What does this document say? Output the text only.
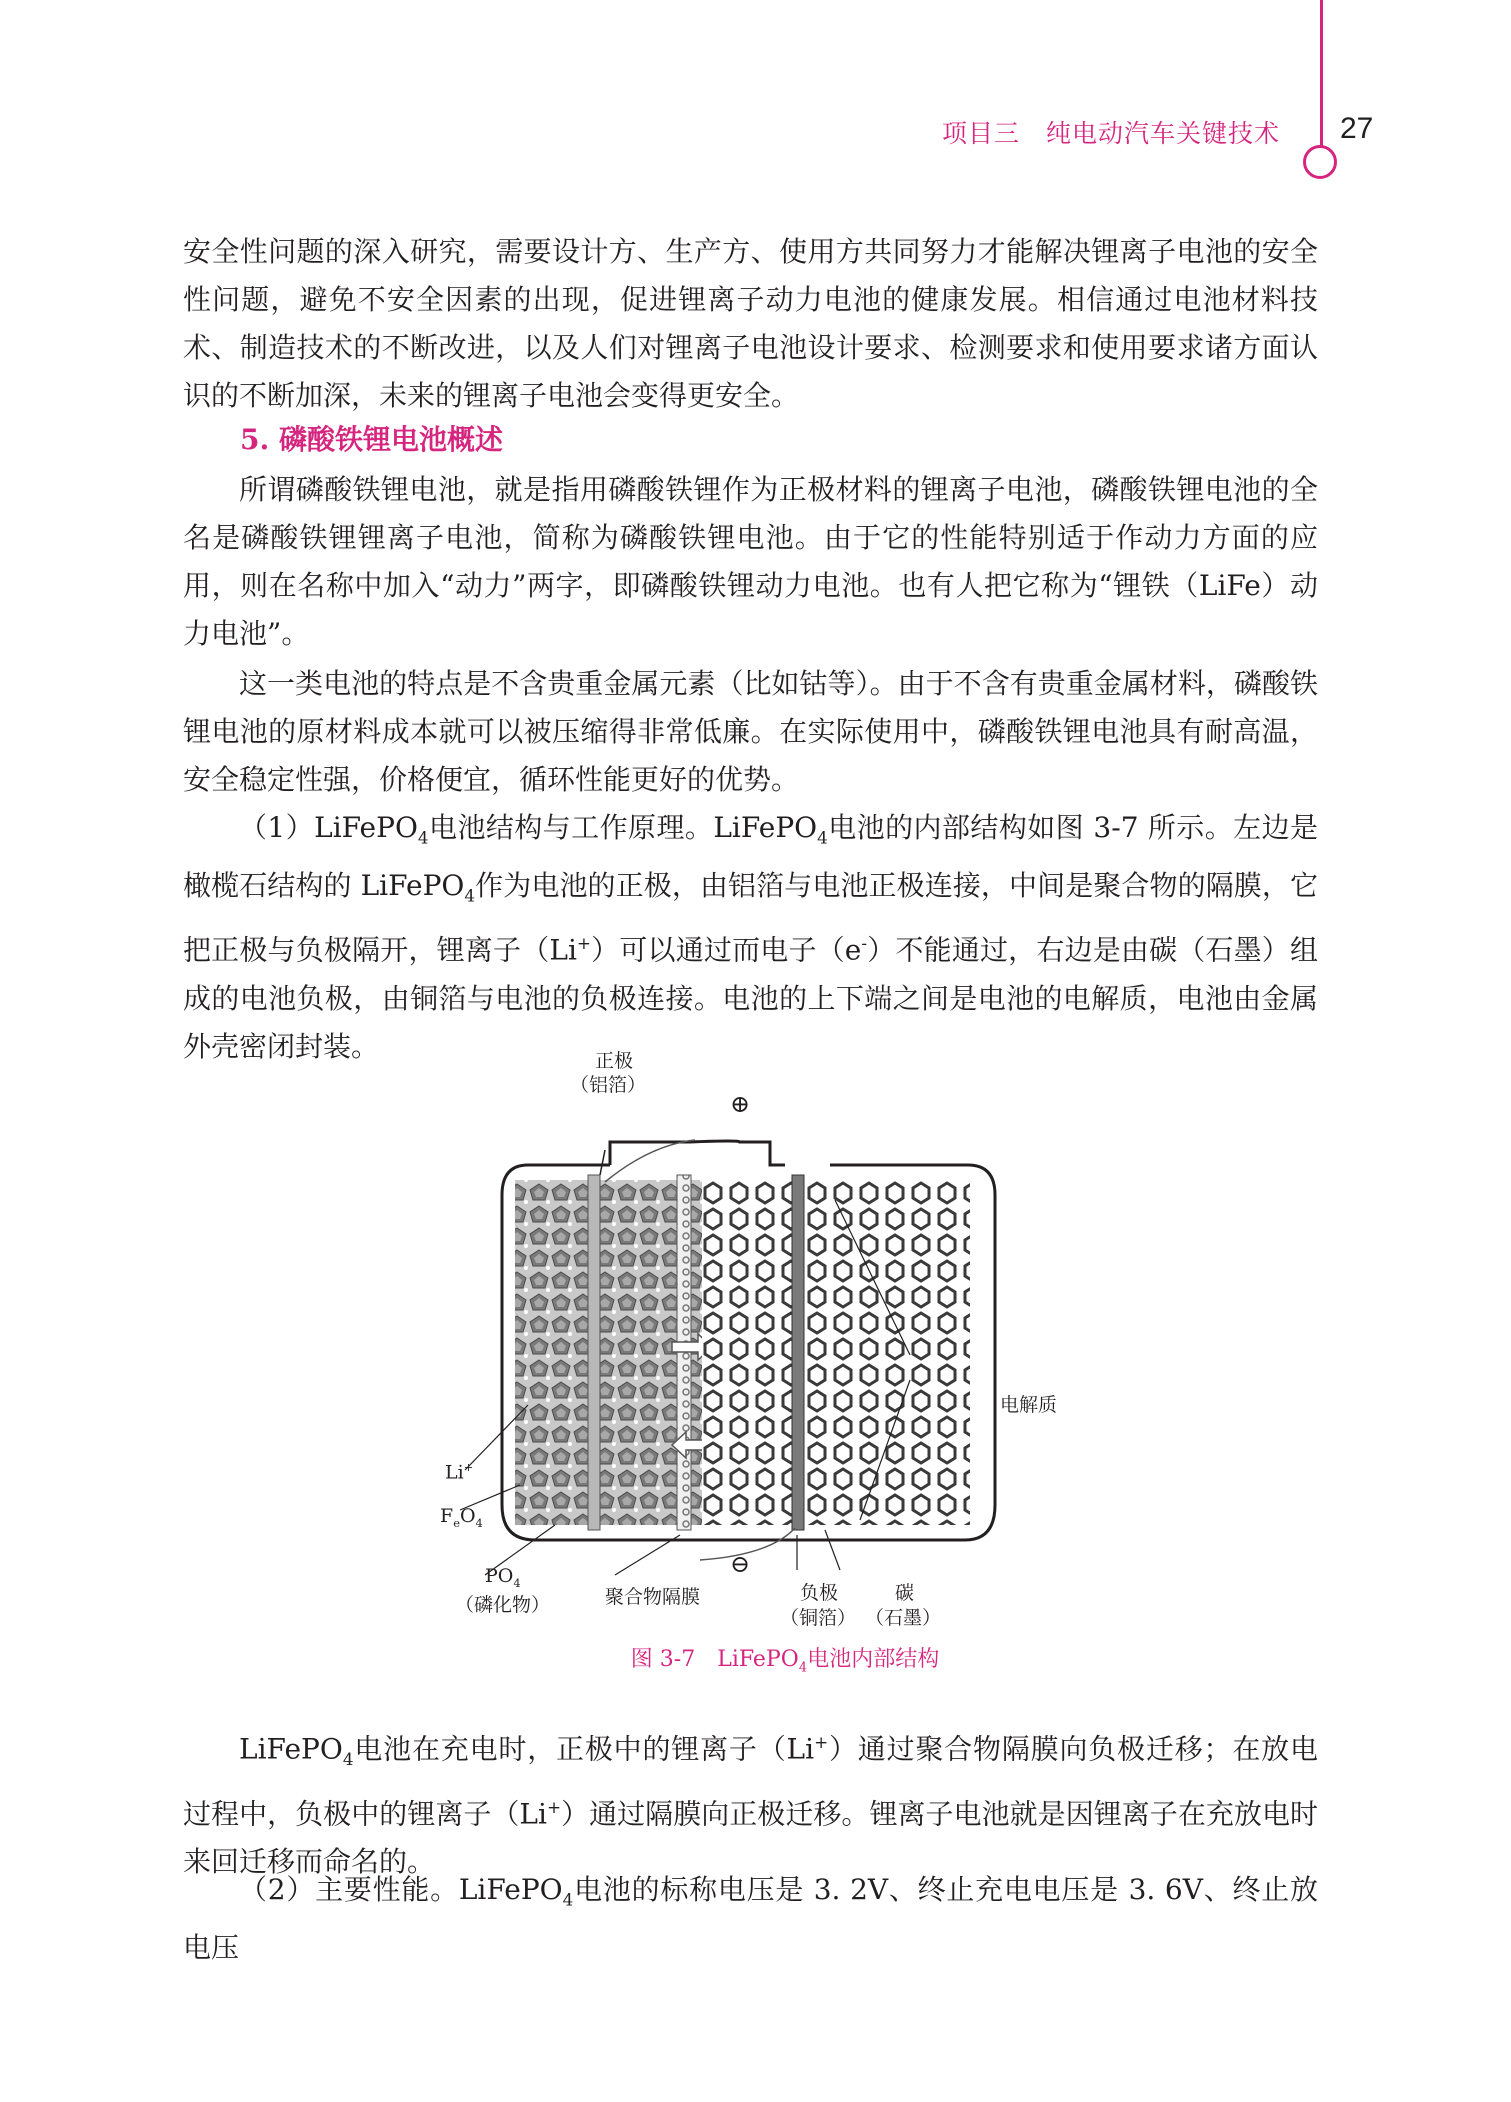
项目三　纯电动汽车关键技术 27

安全性问题的深入研究，需要设计方、生产方、使用方共同努力才能解决锂离子电池的安全性问题，避免不安全因素的出现，促进锂离子动力电池的健康发展。相信通过电池材料技术、制造技术的不断改进，以及人们对锂离子电池设计要求、检测要求和使用要求诸方面认识的不断加深，未来的锂离子电池会变得更安全。

5. 磷酸铁锂电池概述

所谓磷酸铁锂电池，就是指用磷酸铁锂作为正极材料的锂离子电池，磷酸铁锂电池的全名是磷酸铁锂锂离子电池，简称为磷酸铁锂电池。由于它的性能特别适于作动力方面的应用，则在名称中加入“动力”两字，即磷酸铁锂动力电池。也有人把它称为“锂铁（LiFe）动力电池”。

这一类电池的特点是不含贵重金属元素（比如钴等）。由于不含有贵重金属材料，磷酸铁锂电池的原材料成本就可以被压缩得非常低廉。在实际使用中，磷酸铁锂电池具有耐高温，安全稳定性强，价格便宜，循环性能更好的优势。

（1）LiFePO$_4$电池结构与工作原理。LiFePO$_4$电池的内部结构如图 3-7 所示。左边是橄榄石结构的 LiFePO$_4$作为电池的正极，由铝箔与电池正极连接，中间是聚合物的隔膜，它把正极与负极隔开，锂离子（Li+）可以通过而电子（e-）不能通过，右边是由碳（石墨）组成的电池负极，由铜箔与电池的负极连接。电池的上下端之间是电池的电解质，电池由金属外壳密闭封装。	正极
（铝箔）
⊕
⊖
电解质
Li+
$F_eO_4$
$PO_4$
（磷化物）	聚合物隔膜	负极
（铜箔）
碳
（石墨）
图 3-7　LiFePO$_4$电池内部结构

LiFePO$_4$电池在充电时，正极中的锂离子（Li+）通过聚合物隔膜向负极迁移；在放电过程中，负极中的锂离子（Li+）通过隔膜向正极迁移。锂离子电池就是因锂离子在充放电时来回迁移而命名的。

（2）主要性能。LiFePO$_4$电池的标称电压是 3. 2V、终止充电电压是 3. 6V、终止放电压
